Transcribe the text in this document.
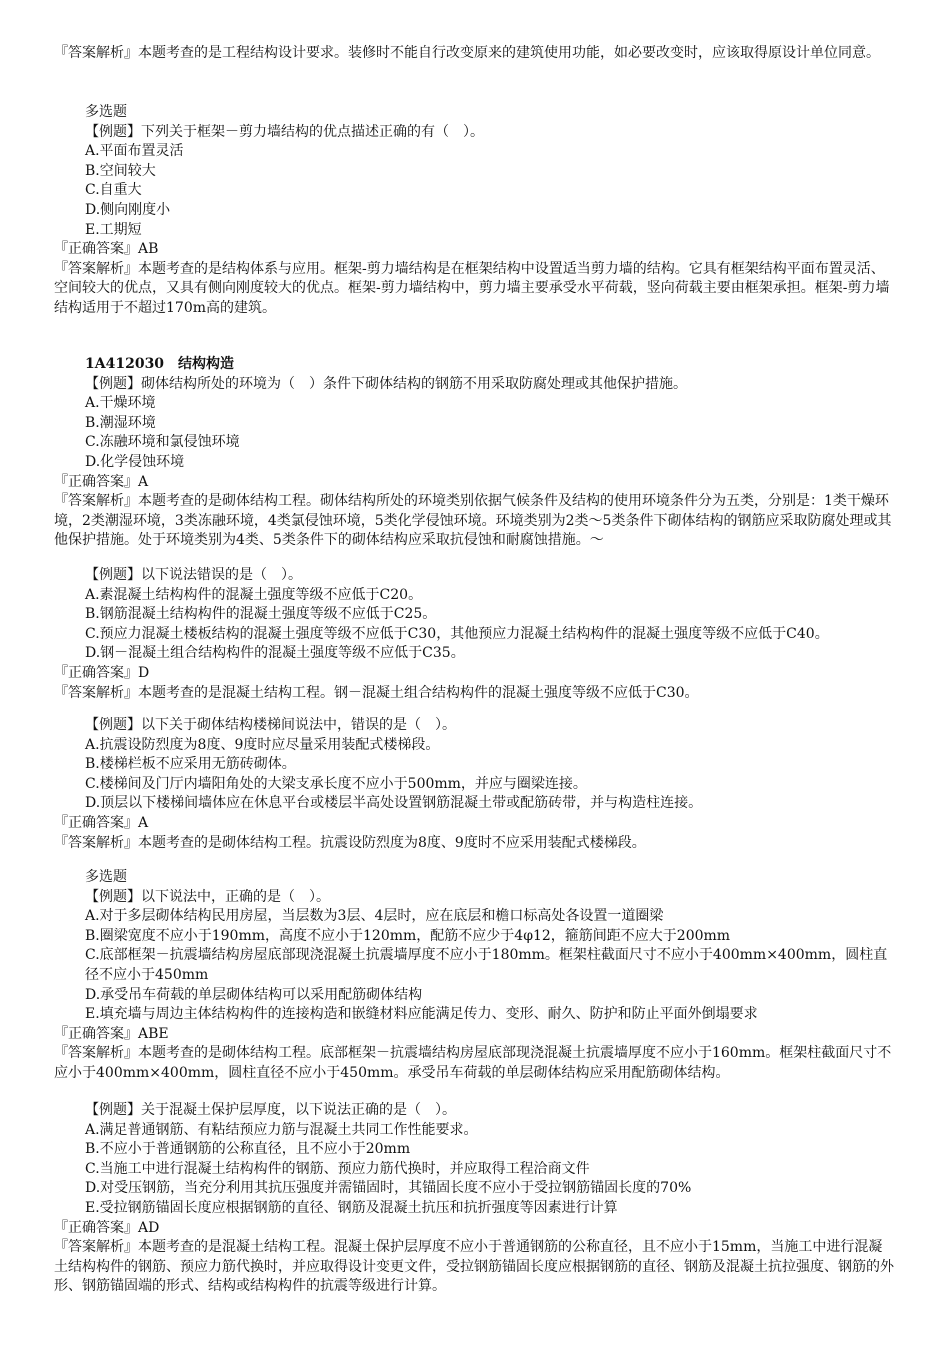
『答案解析』本题考查的是工程结构设计要求。装修时不能自行改变原来的建筑使用功能，如必要改变时，应该取得原设计单位同意。
多选题
【例题】下列关于框架－剪力墙结构的优点描述正确的有（　）。
A.平面布置灵活
B.空间较大
C.自重大
D.侧向刚度小
E.工期短
『正确答案』AB
『答案解析』本题考查的是结构体系与应用。框架-剪力墙结构是在框架结构中设置适当剪力墙的结构。它具有框架结构平面布置灵活、空间较大的优点，又具有侧向刚度较大的优点。框架-剪力墙结构中，剪力墙主要承受水平荷载，竖向荷载主要由框架承担。框架-剪力墙结构适用于不超过170m高的建筑。
1A412030　结构构造
【例题】砌体结构所处的环境为（　）条件下砌体结构的钢筋不用采取防腐处理或其他保护措施。
A.干燥环境
B.潮湿环境
C.冻融环境和氯侵蚀环境
D.化学侵蚀环境
『正确答案』A
『答案解析』本题考查的是砌体结构工程。砌体结构所处的环境类别依据气候条件及结构的使用环境条件分为五类，分别是：1类干燥环境，2类潮湿环境，3类冻融环境，4类氯侵蚀环境，5类化学侵蚀环境。环境类别为2类～5类条件下砌体结构的钢筋应采取防腐处理或其他保护措施。处于环境类别为4类、5类条件下的砌体结构应采取抗侵蚀和耐腐蚀措施。～
【例题】以下说法错误的是（　）。
A.素混凝土结构构件的混凝土强度等级不应低于C20。
B.钢筋混凝土结构构件的混凝土强度等级不应低于C25。
C.预应力混凝土楼板结构的混凝土强度等级不应低于C30，其他预应力混凝土结构构件的混凝土强度等级不应低于C40。
D.钢－混凝土组合结构构件的混凝土强度等级不应低于C35。
『正确答案』D
『答案解析』本题考查的是混凝土结构工程。钢－混凝土组合结构构件的混凝土强度等级不应低于C30。
【例题】以下关于砌体结构楼梯间说法中，错误的是（　）。
A.抗震设防烈度为8度、9度时应尽量采用装配式楼梯段。
B.楼梯栏板不应采用无筋砖砌体。
C.楼梯间及门厅内墙阳角处的大梁支承长度不应小于500mm，并应与圈梁连接。
D.顶层以下楼梯间墙体应在休息平台或楼层半高处设置钢筋混凝土带或配筋砖带，并与构造柱连接。
『正确答案』A
『答案解析』本题考查的是砌体结构工程。抗震设防烈度为8度、9度时不应采用装配式楼梯段。
多选题
【例题】以下说法中，正确的是（　）。
A.对于多层砌体结构民用房屋，当层数为3层、4层时，应在底层和檐口标高处各设置一道圈梁
B.圈梁宽度不应小于190mm，高度不应小于120mm，配筋不应少于4φ12，箍筋间距不应大于200mm
C.底部框架－抗震墙结构房屋底部现浇混凝土抗震墙厚度不应小于180mm。框架柱截面尺寸不应小于400mm×400mm，圆柱直径不应小于450mm
D.承受吊车荷载的单层砌体结构可以采用配筋砌体结构
E.填充墙与周边主体结构构件的连接构造和嵌缝材料应能满足传力、变形、耐久、防护和防止平面外倒塌要求
『正确答案』ABE
『答案解析』本题考查的是砌体结构工程。底部框架－抗震墙结构房屋底部现浇混凝土抗震墙厚度不应小于160mm。框架柱截面尺寸不应小于400mm×400mm，圆柱直径不应小于450mm。承受吊车荷载的单层砌体结构应采用配筋砌体结构。
【例题】关于混凝土保护层厚度，以下说法正确的是（　）。
A.满足普通钢筋、有粘结预应力筋与混凝土共同工作性能要求。
B.不应小于普通钢筋的公称直径，且不应小于20mm
C.当施工中进行混凝土结构构件的钢筋、预应力筋代换时，并应取得工程洽商文件
D.对受压钢筋，当充分利用其抗压强度并需锚固时，其锚固长度不应小于受拉钢筋锚固长度的70%
E.受拉钢筋锚固长度应根据钢筋的直径、钢筋及混凝土抗压和抗折强度等因素进行计算
『正确答案』AD
『答案解析』本题考查的是混凝土结构工程。混凝土保护层厚度不应小于普通钢筋的公称直径，且不应小于15mm，当施工中进行混凝土结构构件的钢筋、预应力筋代换时，并应取得设计变更文件，受拉钢筋锚固长度应根据钢筋的直径、钢筋及混凝土抗拉强度、钢筋的外形、钢筋锚固端的形式、结构或结构构件的抗震等级进行计算。
